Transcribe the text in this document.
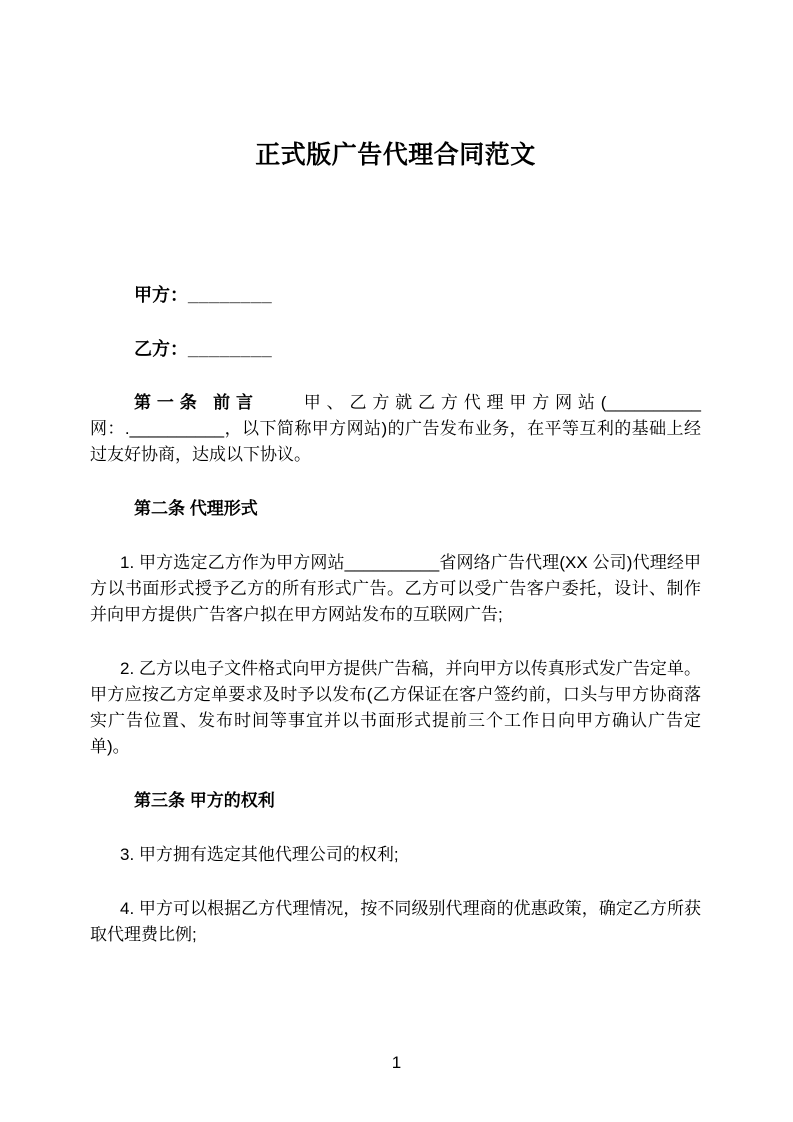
正式版广告代理合同范文

甲方：________

乙方：________

第一条 前言	甲、乙方就乙方代理甲方网站(__________网：.__________，以下简称甲方网站)的广告发布业务，在平等互利的基础上经过友好协商，达成以下协议。

第二条 代理形式

1. 甲方选定乙方作为甲方网站__________省网络广告代理(XX 公司)代理经甲方以书面形式授予乙方的所有形式广告。乙方可以受广告客户委托，设计、制作并向甲方提供广告客户拟在甲方网站发布的互联网广告;

2. 乙方以电子文件格式向甲方提供广告稿，并向甲方以传真形式发广告定单。甲方应按乙方定单要求及时予以发布(乙方保证在客户签约前，口头与甲方协商落实广告位置、发布时间等事宜并以书面形式提前三个工作日向甲方确认广告定单)。

第三条 甲方的权利

3. 甲方拥有选定其他代理公司的权利;

4. 甲方可以根据乙方代理情况，按不同级别代理商的优惠政策，确定乙方所获取代理费比例;

1
